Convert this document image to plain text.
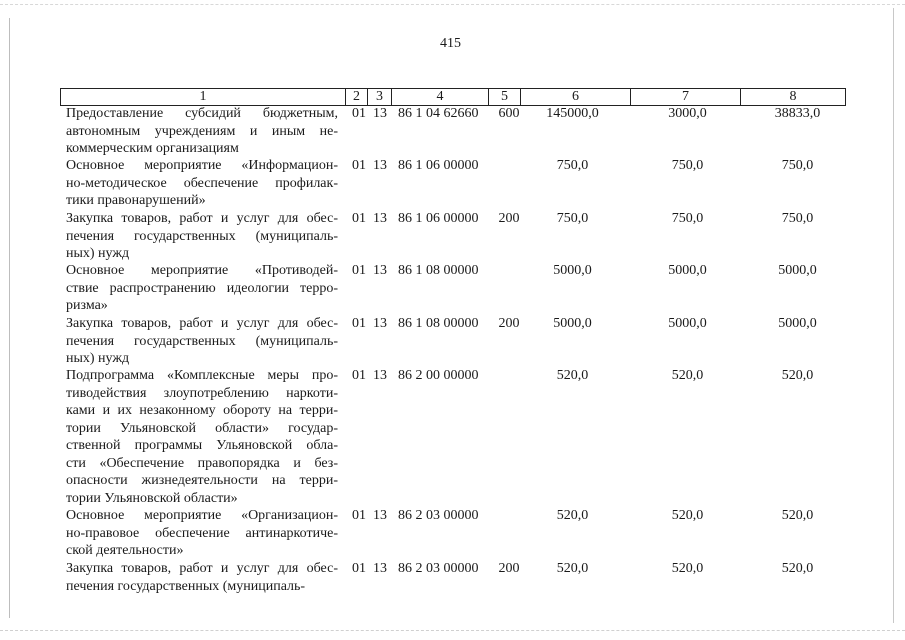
415
1	2	3	4	5	6	7	8
Предоставление субсидий бюджетным,
автономным учреждениям и иным не-
коммерческим организациям
01 13 86 1 04 62660	600	145000,0	3000,0	38833,0
Основное мероприятие «Информацион-
но-методическое обеспечение профилак-
тики правонарушений»
01 13 86 1 06 00000	750,0	750,0	750,0
Закупка товаров, работ и услуг для обес-
печения государственных (муниципаль-
ных) нужд
01 13 86 1 06 00000	200	750,0	750,0	750,0
Основное мероприятие «Противодей-
ствие распространению идеологии терро-
ризма»
01 13 86 1 08 00000	5000,0	5000,0	5000,0
Закупка товаров, работ и услуг для обес-
печения государственных (муниципаль-
ных) нужд
01 13 86 1 08 00000	200	5000,0	5000,0	5000,0
Подпрограмма «Комплексные меры про-
тиводействия злоупотреблению наркоти-
ками и их незаконному обороту на терри-
тории Ульяновской области» государ-
ственной программы Ульяновской обла-
сти «Обеспечение правопорядка и без-
опасности жизнедеятельности на терри-
тории Ульяновской области»
01 13 86 2 00 00000	520,0	520,0	520,0
Основное мероприятие «Организацион-
но-правовое обеспечение антинаркотиче-
ской деятельности»
01 13 86 2 03 00000	520,0	520,0	520,0
Закупка товаров, работ и услуг для обес-
печения государственных (муниципаль-
01 13 86 2 03 00000	200	520,0	520,0	520,0
